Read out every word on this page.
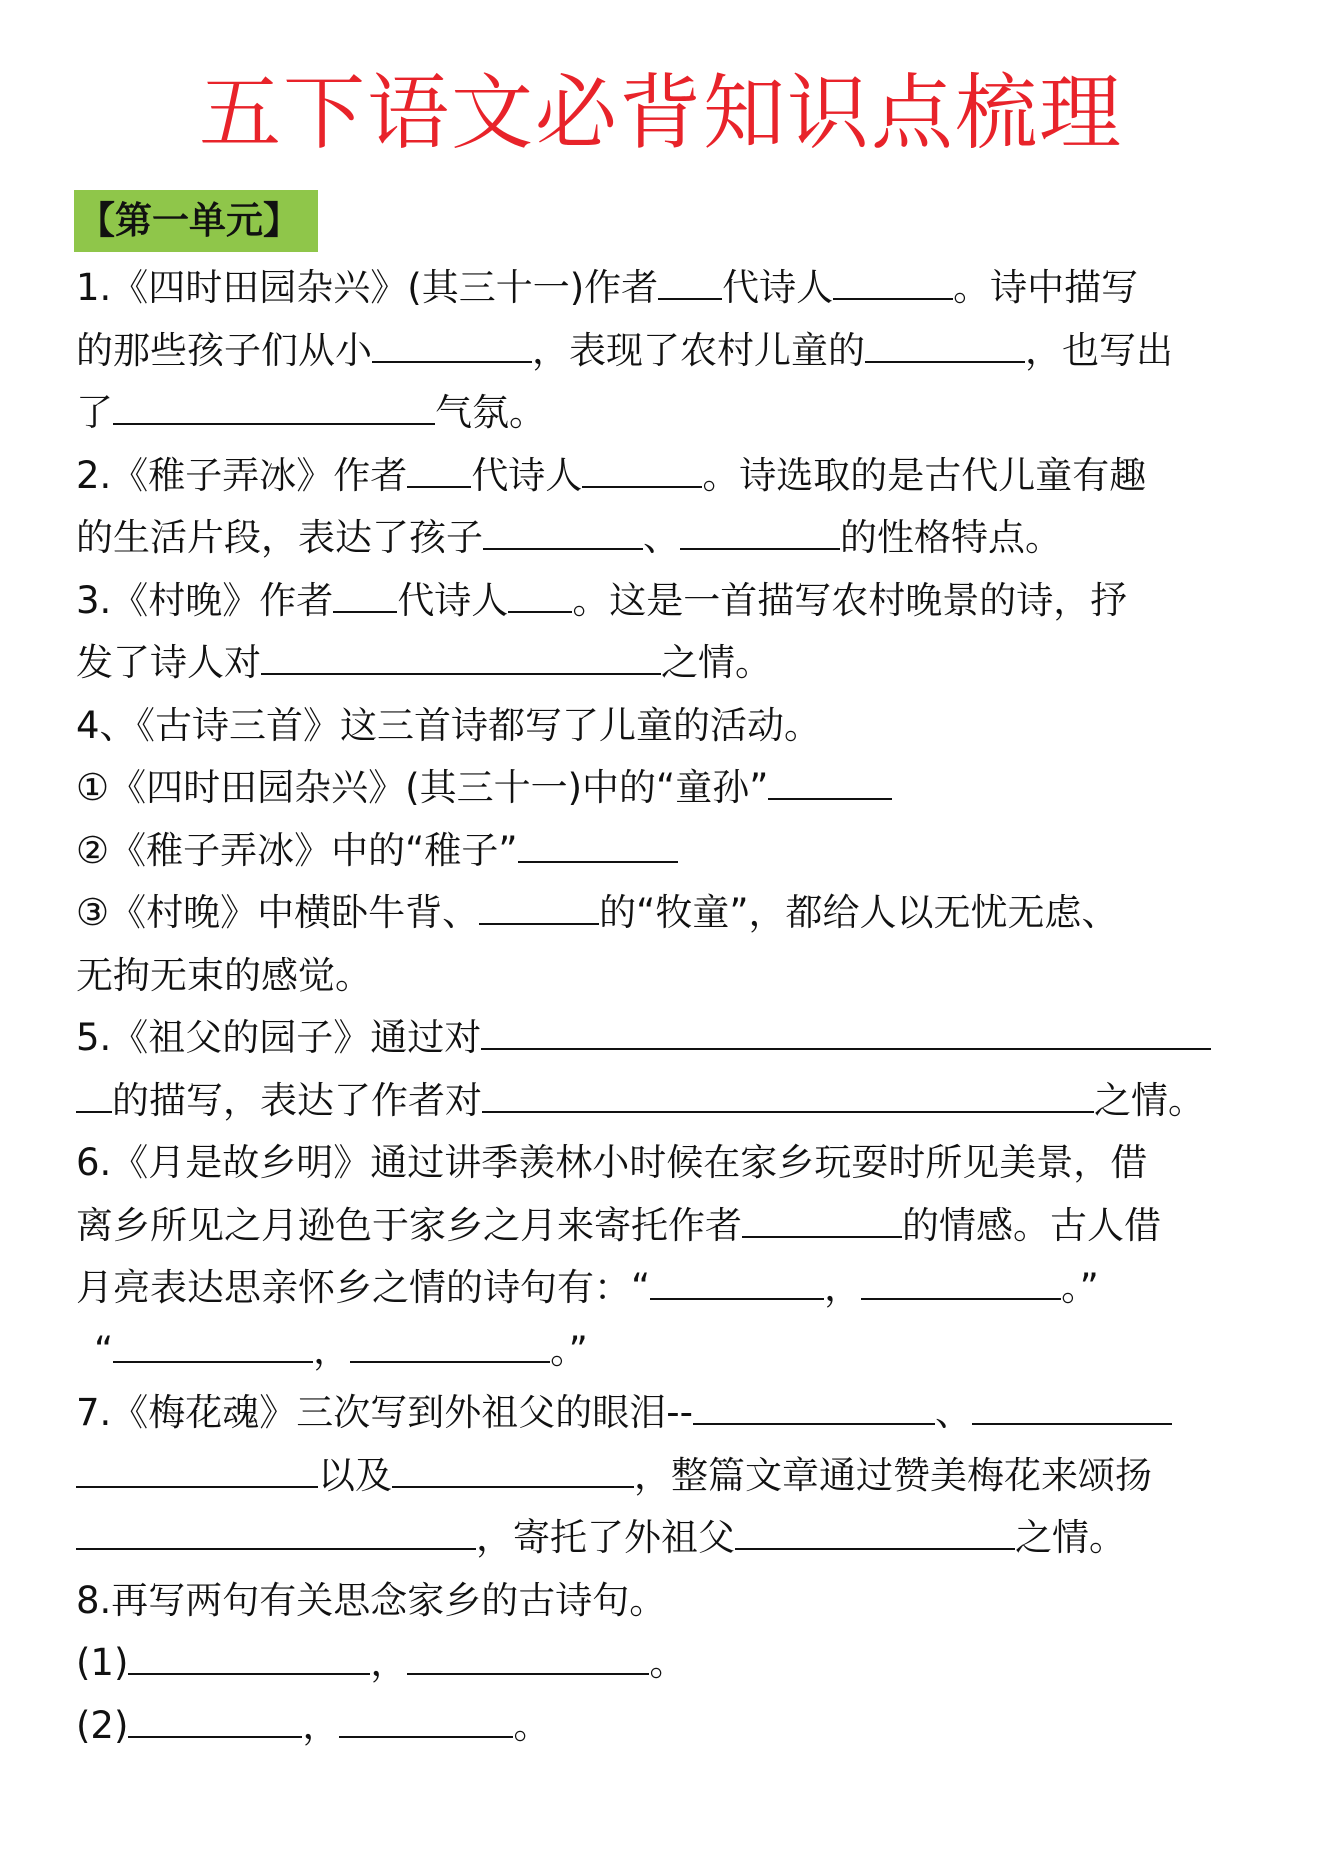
五下语文必背知识点梳理
【第一单元】
1.《四时田园杂兴》(其三十一)作者 代诗人	。诗中描写
的那些孩子们从小	，表现了农村儿童的	，也写出
了	气氛。
2.《稚子弄冰》作者 代诗人	。诗选取的是古代儿童有趣
的生活片段，表达了孩子	、	的性格特点。
3.《村晚》作者 代诗人 。这是一首描写农村晚景的诗，抒
发了诗人对	之情。
4、《古诗三首》这三首诗都写了儿童的活动。
①《四时田园杂兴》(其三十一)中的“童孙”
②《稚子弄冰》中的“稚子”
③《村晚》中横卧牛背、	的“牧童”，都给人以无忧无虑、
无拘无束的感觉。
5.《祖父的园子》通过对
的描写，表达了作者对	之情。
6.《月是故乡明》通过讲季羡林小时候在家乡玩耍时所见美景，借
离乡所见之月逊色于家乡之月来寄托作者	的情感。古人借
月亮表达思亲怀乡之情的诗句有：“	，	。”
“	，	。”
7.《梅花魂》三次写到外祖父的眼泪--	、
以及	，整篇文章通过赞美梅花来颂扬
，寄托了外祖父	之情。
8.再写两句有关思念家乡的古诗句。
(1)	，	。
(2)	，	。
